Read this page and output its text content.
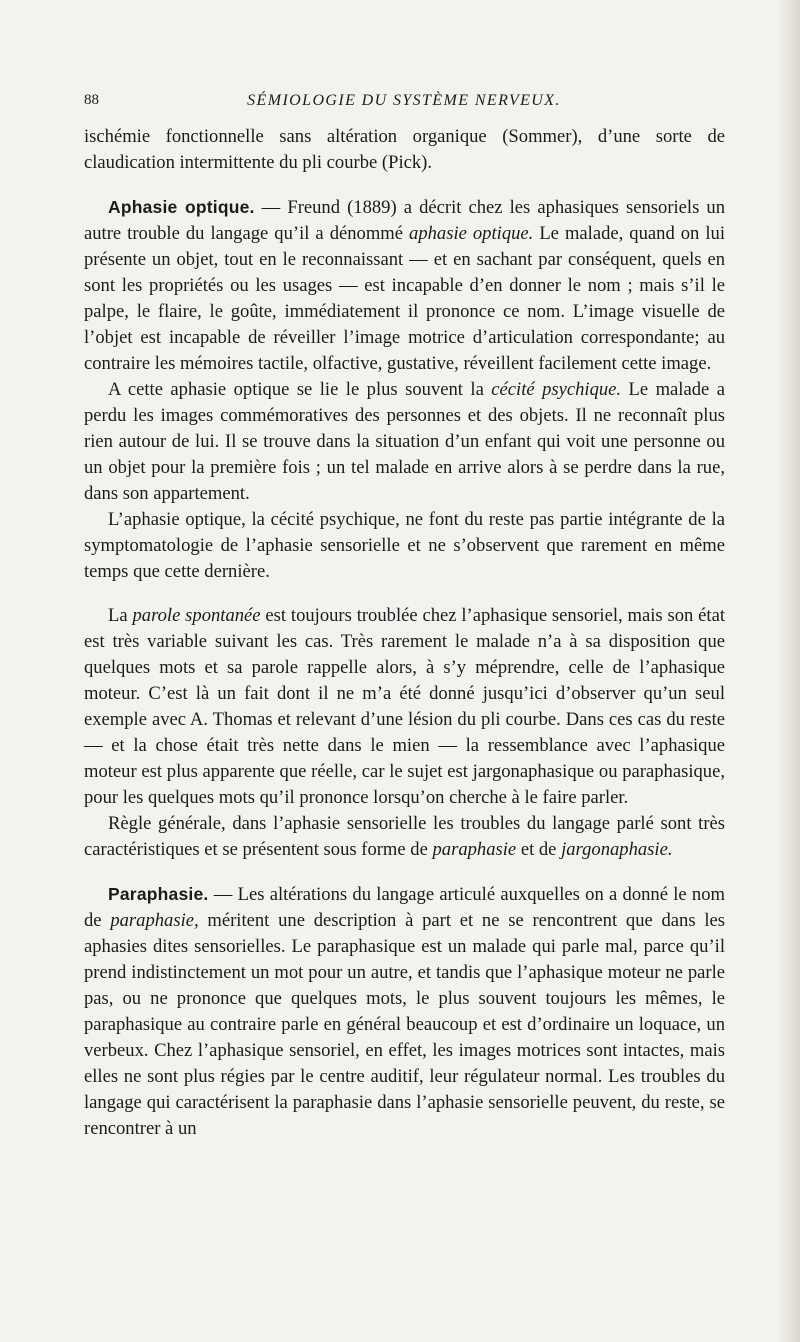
88	SÉMIOLOGIE DU SYSTÈME NERVEUX.

ischémie fonctionnelle sans altération organique (Sommer), d’une sorte de claudication intermittente du pli courbe (Pick).

Aphasie optique. — Freund (1889) a décrit chez les aphasiques sensoriels un autre trouble du langage qu’il a dénommé aphasie optique. Le malade, quand on lui présente un objet, tout en le reconnaissant — et en sachant par conséquent, quels en sont les propriétés ou les usages — est incapable d’en donner le nom ; mais s’il le palpe, le flaire, le goûte, immédiatement il prononce ce nom. L’image visuelle de l’objet est incapable de réveiller l’image motrice d’articulation correspondante; au contraire les mémoires tactile, olfactive, gustative, réveillent facilement cette image.

A cette aphasie optique se lie le plus souvent la cécité psychique. Le malade a perdu les images commémoratives des personnes et des objets. Il ne reconnaît plus rien autour de lui. Il se trouve dans la situation d’un enfant qui voit une personne ou un objet pour la première fois ; un tel malade en arrive alors à se perdre dans la rue, dans son appartement.

L’aphasie optique, la cécité psychique, ne font du reste pas partie intégrante de la symptomatologie de l’aphasie sensorielle et ne s’observent que rarement en même temps que cette dernière.

La parole spontanée est toujours troublée chez l’aphasique sensoriel, mais son état est très variable suivant les cas. Très rarement le malade n’a à sa disposition que quelques mots et sa parole rappelle alors, à s’y méprendre, celle de l’aphasique moteur. C’est là un fait dont il ne m’a été donné jusqu’ici d’observer qu’un seul exemple avec A. Thomas et relevant d’une lésion du pli courbe. Dans ces cas du reste — et la chose était très nette dans le mien — la ressemblance avec l’aphasique moteur est plus apparente que réelle, car le sujet est jargonaphasique ou paraphasique, pour les quelques mots qu’il prononce lorsqu’on cherche à le faire parler.

Règle générale, dans l’aphasie sensorielle les troubles du langage parlé sont très caractéristiques et se présentent sous forme de paraphasie et de jargonaphasie.

Paraphasie. — Les altérations du langage articulé auxquelles on a donné le nom de paraphasie, méritent une description à part et ne se rencontrent que dans les aphasies dites sensorielles. Le paraphasique est un malade qui parle mal, parce qu’il prend indistinctement un mot pour un autre, et tandis que l’aphasique moteur ne parle pas, ou ne prononce que quelques mots, le plus souvent toujours les mêmes, le paraphasique au contraire parle en général beaucoup et est d’ordinaire un loquace, un verbeux. Chez l’aphasique sensoriel, en effet, les images motrices sont intactes, mais elles ne sont plus régies par le centre auditif, leur régulateur normal. Les troubles du langage qui caractérisent la paraphasie dans l’aphasie sensorielle peuvent, du reste, se rencontrer à un
